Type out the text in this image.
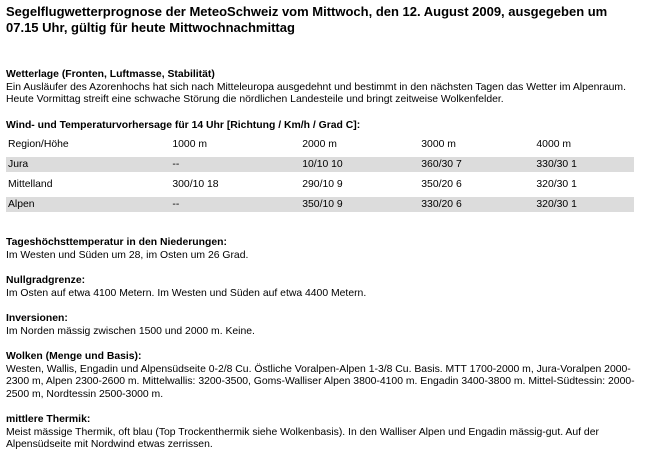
Segelflugwetterprognose der MeteoSchweiz vom Mittwoch, den 12. August 2009, ausgegeben um 07.15 Uhr, gültig für heute Mittwochnachmittag
Wetterlage (Fronten, Luftmasse, Stabilität)
Ein Ausläufer des Azorenhochs hat sich nach Mitteleuropa ausgedehnt und bestimmt in den nächsten Tagen das Wetter im Alpenraum. Heute Vormittag streift eine schwache Störung die nördlichen Landesteile und bringt zeitweise Wolkenfelder.
Wind- und Temperaturvorhersage für 14 Uhr [Richtung / Km/h / Grad C]:
Region/Höhe	1000 m	2000 m	3000 m	4000 m
Jura	--	10/10 10	360/30 7	330/30 1
Mittelland	300/10 18	290/10 9	350/20 6	320/30 1
Alpen	--	350/10 9	330/20 6	320/30 1
Tageshöchsttemperatur in den Niederungen:
Im Westen und Süden um 28, im Osten um 26 Grad.
Nullgradgrenze:
Im Osten auf etwa 4100 Metern. Im Westen und Süden auf etwa 4400 Metern.
Inversionen:
Im Norden mässig zwischen 1500 und 2000 m. Keine.
Wolken (Menge und Basis):
Westen, Wallis, Engadin und Alpensüdseite 0-2/8 Cu. Östliche Voralpen-Alpen 1-3/8 Cu. Basis. MTT 1700-2000 m, Jura-Voralpen 2000-2300 m, Alpen 2300-2600 m. Mittelwallis: 3200-3500, Goms-Walliser Alpen 3800-4100 m. Engadin 3400-3800 m. Mittel-Südtessin: 2000-2500 m, Nordtessin 2500-3000 m.
mittlere Thermik:
Meist mässige Thermik, oft blau (Top Trockenthermik siehe Wolkenbasis). In den Walliser Alpen und Engadin mässig-gut. Auf der Alpensüdseite mit Nordwind etwas zerrissen.
